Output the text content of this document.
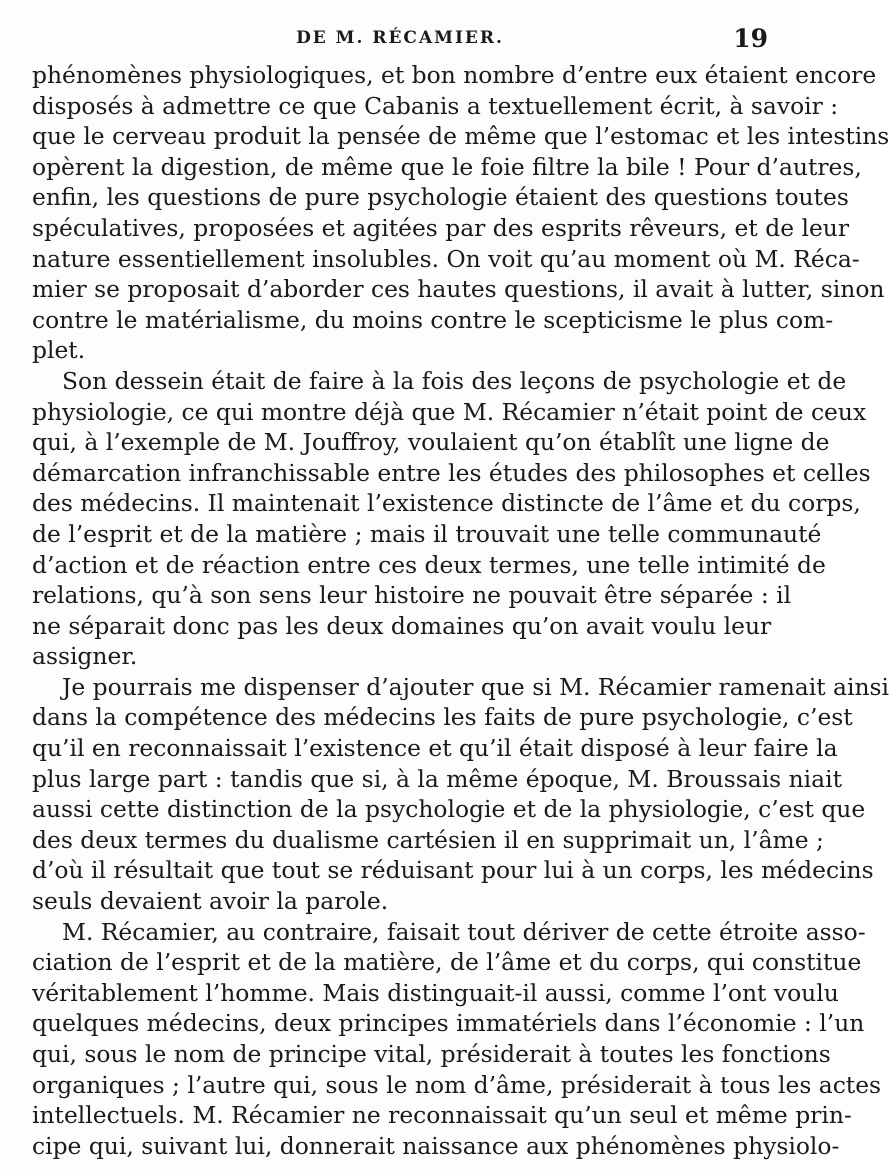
DE M. RÉCAMIER.	19
phénomènes physiologiques, et bon nombre d’entre eux étaient encore
disposés à admettre ce que Cabanis a textuellement écrit, à savoir :
que le cerveau produit la pensée de même que l’estomac et les intestins
opèrent la digestion, de même que le foie filtre la bile ! Pour d’autres,
enfin, les questions de pure psychologie étaient des questions toutes
spéculatives, proposées et agitées par des esprits rêveurs, et de leur
nature essentiellement insolubles. On voit qu’au moment où M. Réca-
mier se proposait d’aborder ces hautes questions, il avait à lutter, sinon
contre le matérialisme, du moins contre le scepticisme le plus com-
plet.
Son dessein était de faire à la fois des leçons de psychologie et de
physiologie, ce qui montre déjà que M. Récamier n’était point de ceux
qui, à l’exemple de M. Jouffroy, voulaient qu’on établît une ligne de
démarcation infranchissable entre les études des philosophes et celles
des médecins. Il maintenait l’existence distincte de l’âme et du corps,
de l’esprit et de la matière ; mais il trouvait une telle communauté
d’action et de réaction entre ces deux termes, une telle intimité de
relations, qu’à son sens leur histoire ne pouvait être séparée : il
ne séparait donc pas les deux domaines qu’on avait voulu leur
assigner.
Je pourrais me dispenser d’ajouter que si M. Récamier ramenait ainsi
dans la compétence des médecins les faits de pure psychologie, c’est
qu’il en reconnaissait l’existence et qu’il était disposé à leur faire la
plus large part : tandis que si, à la même époque, M. Broussais niait
aussi cette distinction de la psychologie et de la physiologie, c’est que
des deux termes du dualisme cartésien il en supprimait un, l’âme ;
d’où il résultait que tout se réduisant pour lui à un corps, les médecins
seuls devaient avoir la parole.
M. Récamier, au contraire, faisait tout dériver de cette étroite asso-
ciation de l’esprit et de la matière, de l’âme et du corps, qui constitue
véritablement l’homme. Mais distinguait-il aussi, comme l’ont voulu
quelques médecins, deux principes immatériels dans l’économie : l’un
qui, sous le nom de principe vital, présiderait à toutes les fonctions
organiques ; l’autre qui, sous le nom d’âme, présiderait à tous les actes
intellectuels. M. Récamier ne reconnaissait qu’un seul et même prin-
cipe qui, suivant lui, donnerait naissance aux phénomènes physiolo-
